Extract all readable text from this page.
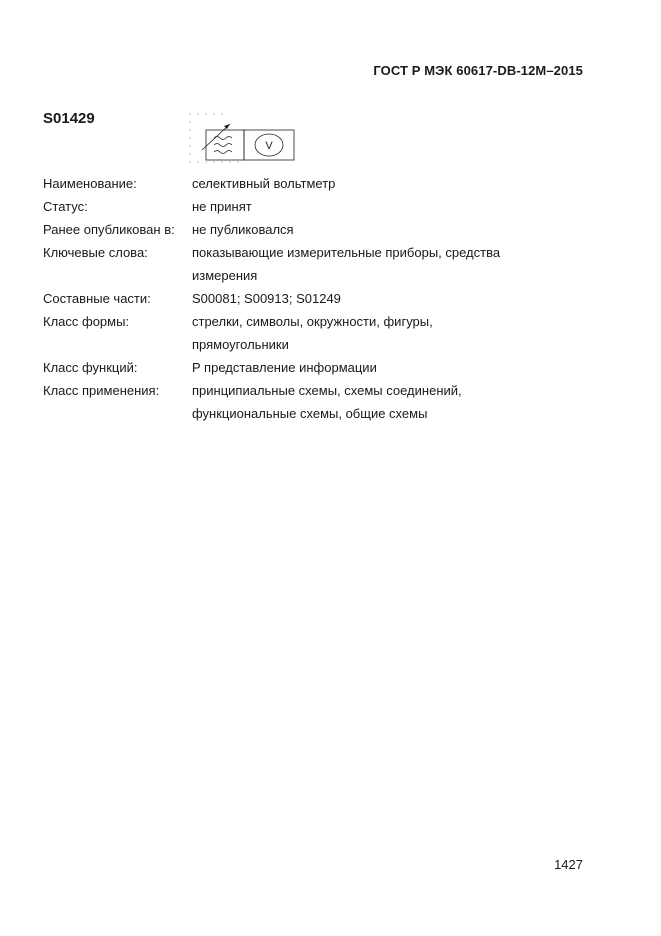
ГОСТ Р МЭК 60617-DB-12M–2015
S01429
V
Наименование:	селективный вольтметр
Статус:	не принят
Ранее опубликован в:	не публиковался
Ключевые слова:	показывающие измерительные приборы, средства
измерения
Составные части:	S00081; S00913; S01249
Класс формы:	стрелки, символы, окружности, фигуры,
прямоугольники
Класс функций:	P представление информации
Класс применения:	принципиальные схемы, схемы соединений,
функциональные схемы, общие схемы
1427
